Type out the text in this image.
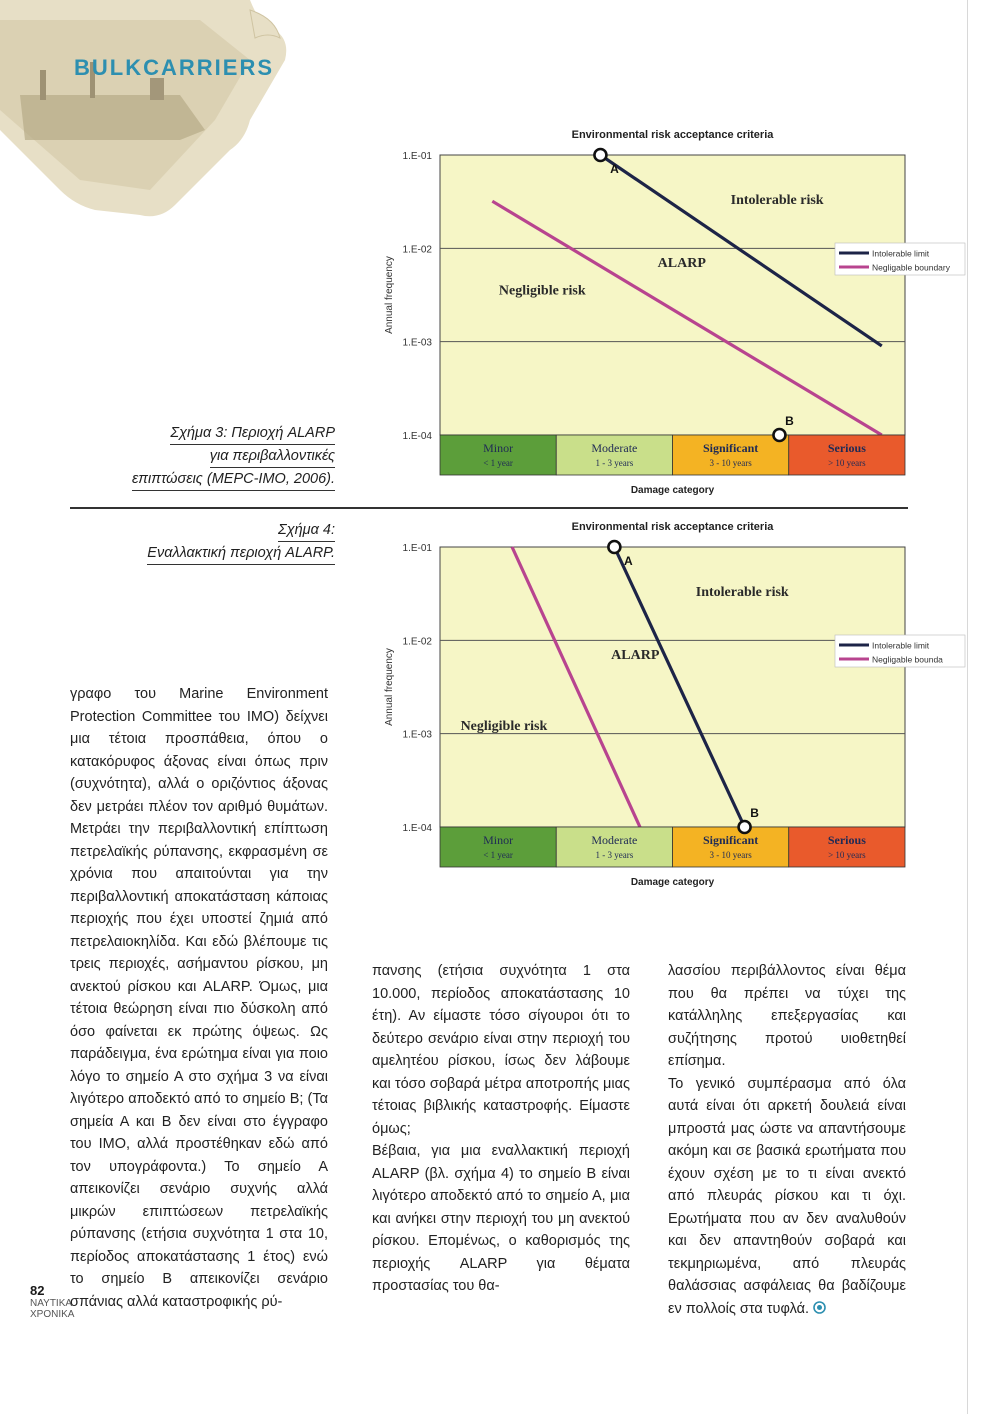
BULKCARRIERS
Σχήμα 3: Περιοχή ALARP
για περιβαλλοντικές
επιπτώσεις (MEPC-IMO, 2006).
Σχήμα 4:
Εναλλακτική περιοχή ALARP.
Environmental risk acceptance criteria
1.E-01
1.E-02
1.E-03
1.E-04
Annual frequency
Minor
< 1 year
Moderate
1 - 3 years
Significant
3 - 10 years
Serious
> 10 years
Damage category
Intolerable risk
ALARP
Negligible risk
A
B
Intolerable limit
Negligable boundary
Environmental risk acceptance criteria
1.E-01
1.E-02
1.E-03
1.E-04
Annual frequency
Minor
< 1 year
Moderate
1 - 3 years
Significant
3 - 10 years
Serious
> 10 years
Damage category
Intolerable risk
ALARP
Negligible risk
A
B
Intolerable limit
Negligable bounda

γραφο του Marine Environment Protection Committee του IMO) δείχνει μια τέτοια προσπάθεια, όπου ο κατακόρυφος άξονας είναι όπως πριν (συχνότητα), αλλά ο οριζόντιος άξονας δεν μετράει πλέον τον αριθμό θυμάτων. Μετράει την περιβαλλοντική επίπτωση πετρελαϊκής ρύπανσης, εκφρασμένη σε χρόνια που απαιτούνται για την περιβαλλοντική αποκατάσταση κάποιας περιοχής που έχει υποστεί ζημιά από πετρελαιοκηλίδα. Και εδώ βλέπουμε τις τρεις περιοχές, ασήμαντου ρίσκου, μη ανεκτού ρίσκου και ALARP. Όμως, μια τέτοια θεώρηση είναι πιο δύσκολη από όσο φαίνεται εκ πρώτης όψεως. Ως παράδειγμα, ένα ερώτημα είναι για ποιο λόγο το σημείο Α στο σχήμα 3 να είναι λιγότερο αποδεκτό από το σημείο Β; (Τα σημεία Α και Β δεν είναι στο έγγραφο του IMO, αλλά προστέθηκαν εδώ από τον υπογράφοντα.) Το σημείο Α απεικονίζει σενάριο συχνής αλλά μικρών επιπτώσεων πετρελαϊκής ρύπανσης (ετήσια συχνότητα 1 στα 10, περίοδος αποκατάστασης 1 έτος) ενώ το σημείο Β απεικονίζει σενάριο σπάνιας αλλά καταστροφικής ρύ-

πανσης (ετήσια συχνότητα 1 στα 10.000, περίοδος αποκατάστασης 10 έτη). Αν είμαστε τόσο σίγουροι ότι το δεύτερο σενάριο είναι στην περιοχή του αμελητέου ρίσκου, ίσως δεν λάβουμε και τόσο σοβαρά μέτρα αποτροπής μιας τέτοιας βιβλικής καταστροφής. Είμαστε όμως;

Βέβαια, για μια εναλλακτική περιοχή ALARP (βλ. σχήμα 4) το σημείο Β είναι λιγότερο αποδεκτό από το σημείο Α, μια και ανήκει στην περιοχή του μη ανεκτού ρίσκου. Επομένως, ο καθορισμός της περιοχής ALARP για θέματα προστασίας του θα-

λασσίου περιβάλλοντος είναι θέμα που θα πρέπει να τύχει της κατάλληλης επεξεργασίας και συζήτησης προτού υιοθετηθεί επίσημα.

Το γενικό συμπέρασμα από όλα αυτά είναι ότι αρκετή δουλειά είναι μπροστά μας ώστε να απαντήσουμε ακόμη και σε βασικά ερωτήματα που έχουν σχέση με το τι είναι ανεκτό από πλευράς ρίσκου και τι όχι. Ερωτήματα που αν δεν αναλυθούν και δεν απαντηθούν σοβαρά και τεκμηριωμένα, από πλευράς θαλάσσιας ασφάλειας θα βαδίζουμε εν πολλοίς στα τυφλά.

82
ΝΑΥΤΙΚΑ
ΧΡΟΝΙΚΑ
